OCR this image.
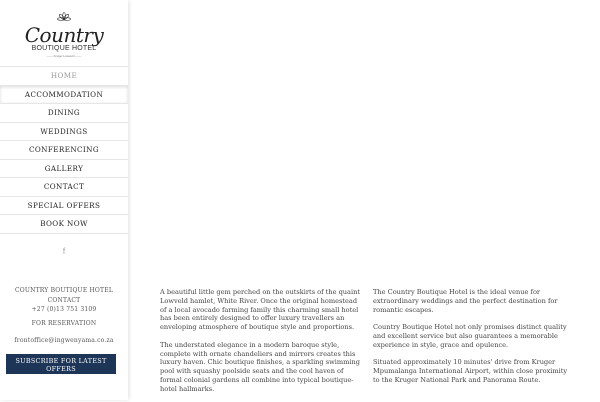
Country
BOUTIQUE HOTEL
—— Kruger Lowveld ——
HOME
ACCOMMODATION
DINING
WEDDINGS
CONFERENCING
GALLERY
CONTACT
SPECIAL OFFERS
BOOK NOW
f
COUNTRY BOUTIQUE HOTEL CONTACT
+27 (0)13 751 3109
FOR RESERVATION
frontoffice@ingwenyama.co.za
SUBSCRIBE FOR LATEST OFFERS

A beautiful little gem perched on the outskirts of the quaint Lowveld hamlet, White River. Once the original homestead of a local avocado farming family this charming small hotel has been entirely designed to offer luxury travellers an enveloping atmosphere of boutique style and proportions.

The understated elegance in a modern baroque style, complete with ornate chandeliers and mirrors creates this luxury haven. Chic boutique finishes, a sparkling swimming pool with squashy poolside seats and the cool haven of formal colonial gardens all combine into typical boutique-hotel hallmarks.

The Country Boutique Hotel is the ideal venue for extraordinary weddings and the perfect destination for romantic escapes.

Country Boutique Hotel not only promises distinct quality and excellent service but also guarantees a memorable experience in style, grace and opulence.

Situated approximately 10 minutes' drive from Kruger Mpumalanga International Airport, within close proximity to the Kruger National Park and Panorama Route.
